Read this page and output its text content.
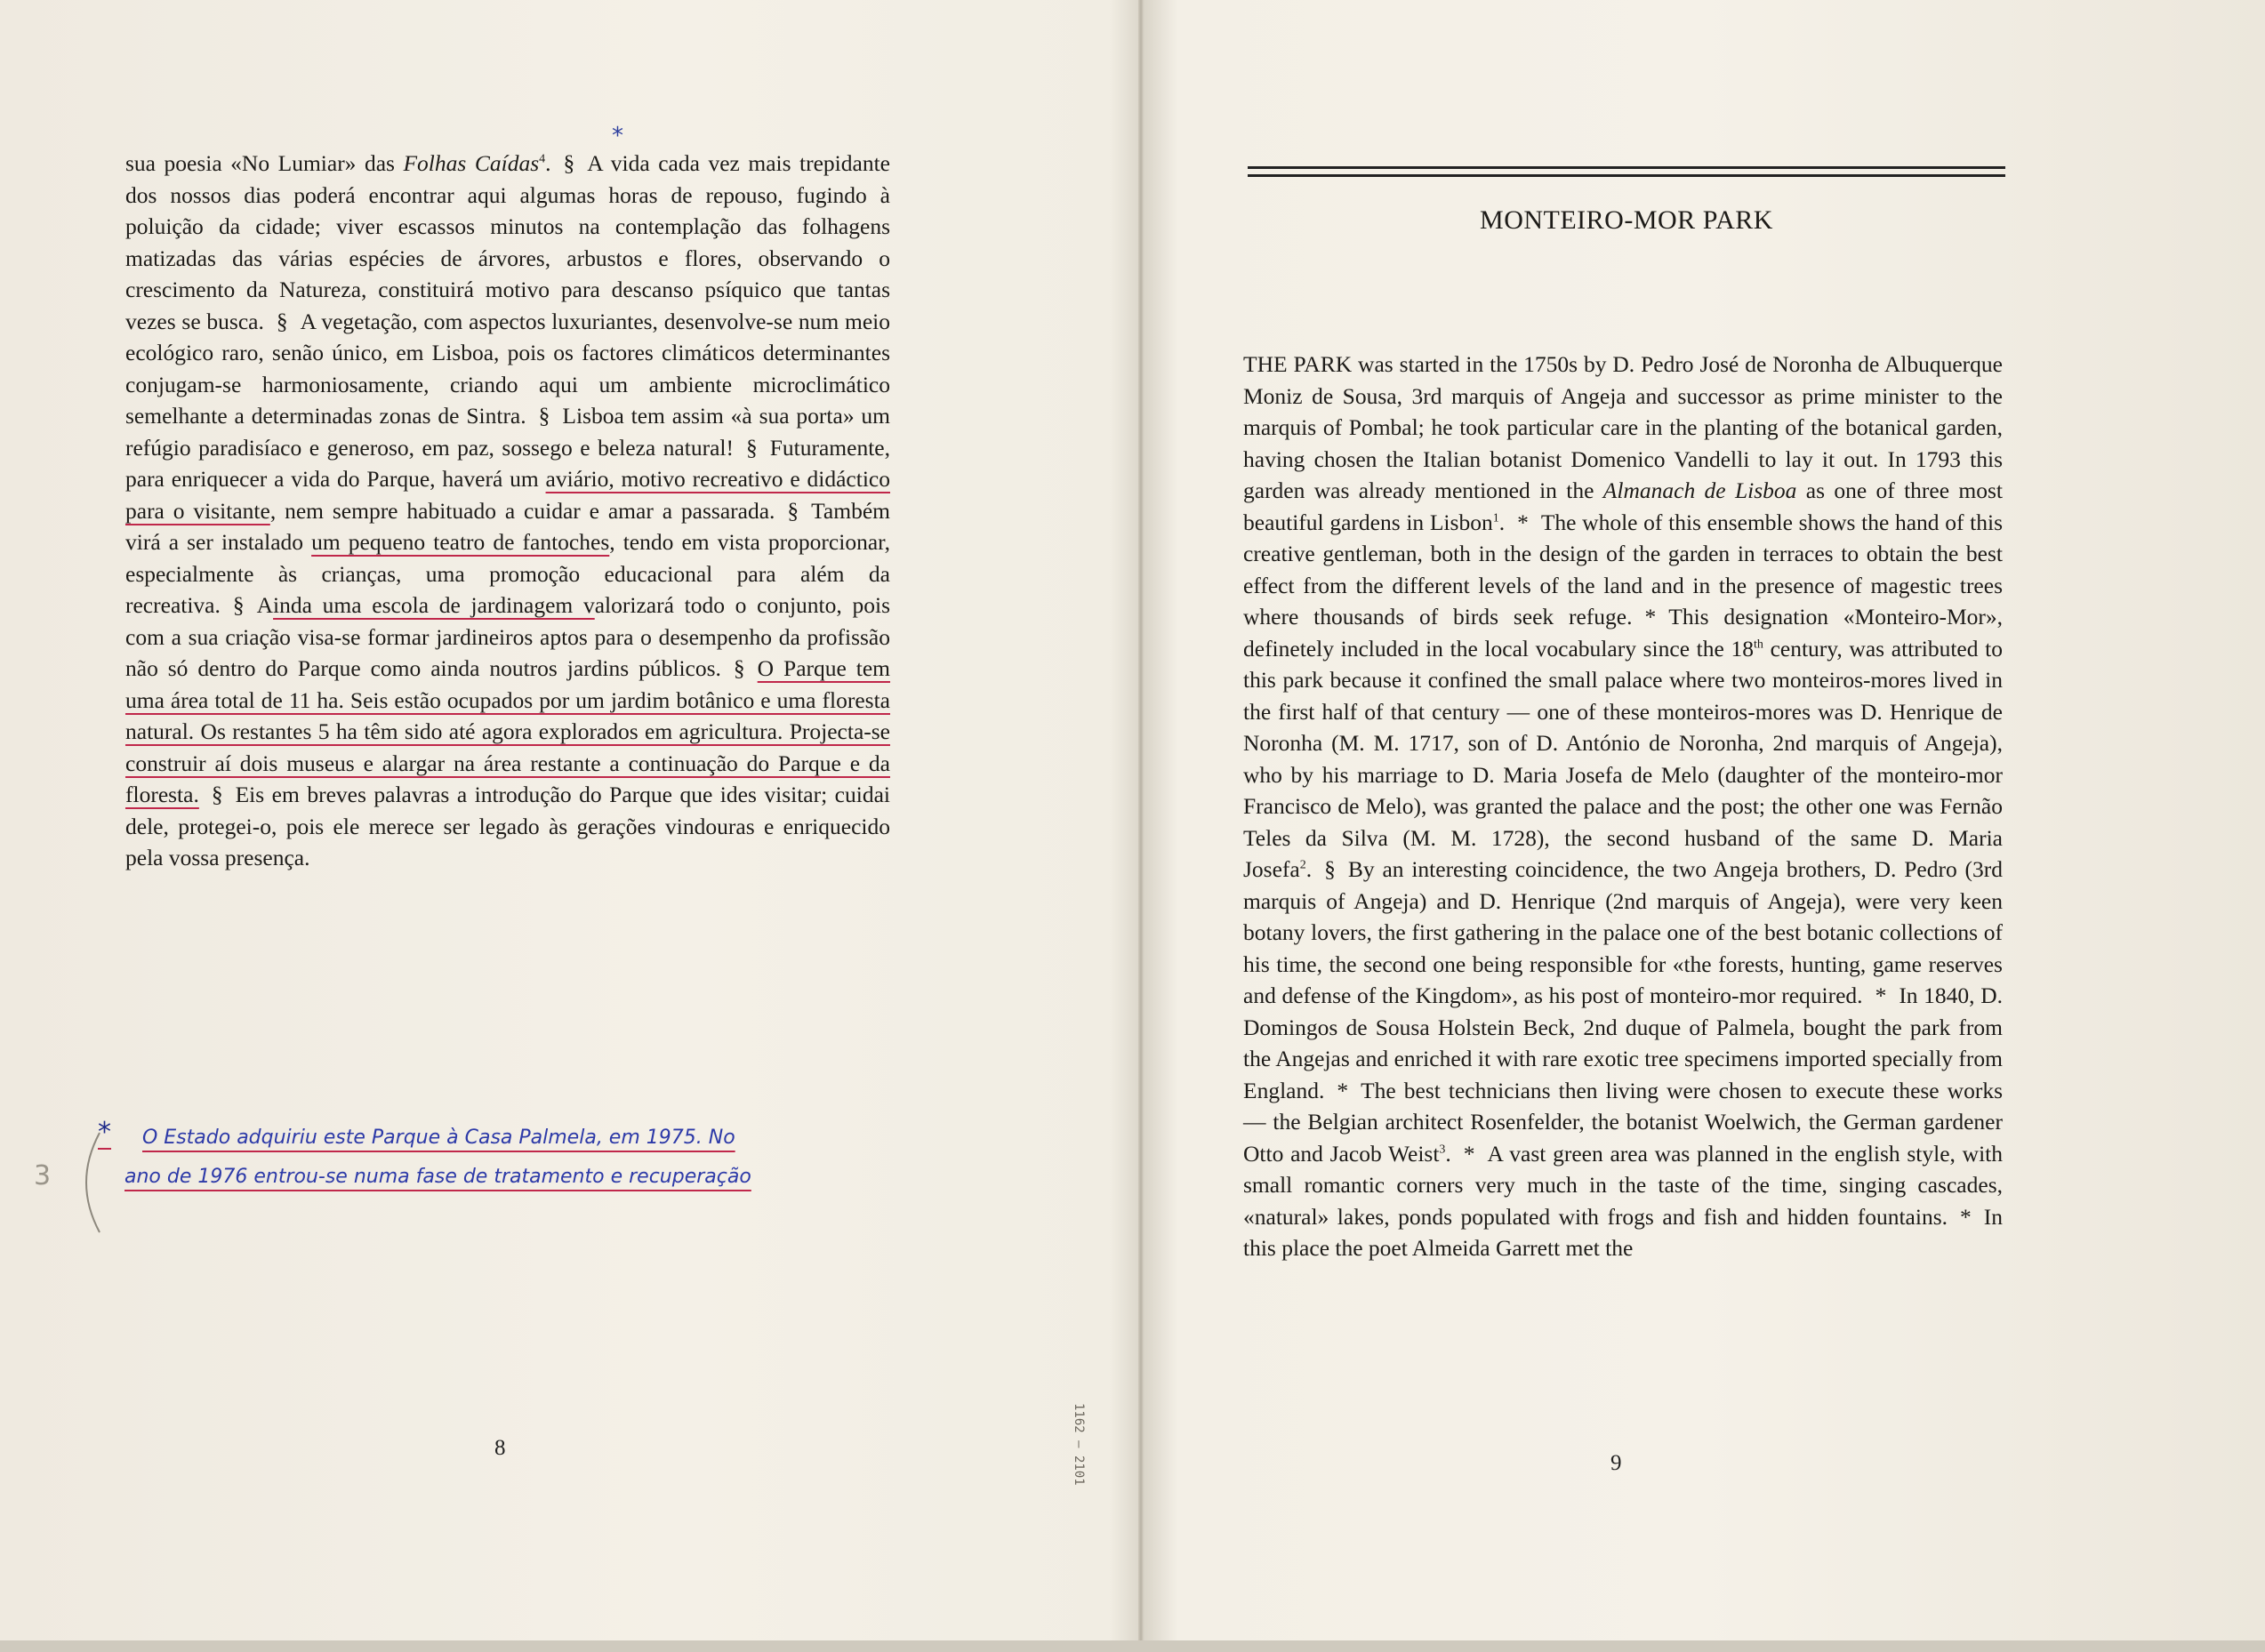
*

sua poesia «No Lumiar» das Folhas Caídas$^4$. § A vida cada vez mais trepidante dos nossos dias poderá encontrar aqui algumas horas de repouso, fugindo à poluição da cidade; viver escassos minutos na contemplação das folhagens matizadas das várias espécies de árvores, arbustos e flores, observando o crescimento da Natureza, constituirá motivo para descanso psíquico que tantas vezes se busca. § A vegetação, com aspectos luxuriantes, desenvolve-se num meio ecológico raro, senão único, em Lisboa, pois os factores climáticos determinantes conjugam-se harmoniosamente, criando aqui um ambiente microclimático semelhante a determinadas zonas de Sintra. § Lisboa tem assim «à sua porta» um refúgio paradisíaco e generoso, em paz, sossego e beleza natural! § Futuramente, para enriquecer a vida do Parque, haverá um aviário, motivo recreativo e didáctico para o visitante, nem sempre habituado a cuidar e amar a passarada. § Também virá a ser instalado um pequeno teatro de fantoches, tendo em vista proporcionar, especialmente às crianças, uma promoção educacional para além da recreativa. § Ainda uma escola de jardinagem valorizará todo o conjunto, pois com a sua criação visa-se formar jardineiros aptos para o desempenho da profissão não só dentro do Parque como ainda noutros jardins públicos. § O Parque tem uma área total de 11 ha. Seis estão ocupados por um jardim botânico e uma floresta natural. Os restantes 5 ha têm sido até agora explorados em agricultura. Projecta-se construir aí dois museus e alargar na área restante a continuação do Parque e da floresta. § Eis em breves palavras a introdução do Parque que ides visitar; cuidai dele, protegei-o, pois ele merece ser legado às gerações vindouras e enriquecido pela vossa presença.

3
*	O Estado adquiriu este Parque à Casa Palmela, em 1975. No
ano de 1976 entrou-se numa fase de tratamento e recuperação
8	1162 – 2101
MONTEIRO-MOR PARK

THE PARK was started in the 1750s by D. Pedro José de Noronha de Albuquerque Moniz de Sousa, 3rd marquis of Angeja and successor as prime minister to the marquis of Pombal; he took particular care in the planting of the botanical garden, having chosen the Italian botanist Domenico Vandelli to lay it out. In 1793 this garden was already mentioned in the Almanach de Lisboa as one of three most beautiful gardens in Lisbon$^1$. * The whole of this ensemble shows the hand of this creative gentleman, both in the design of the garden in terraces to obtain the best effect from the different levels of the land and in the presence of magestic trees where thousands of birds seek refuge. * This designation «Monteiro-Mor», definetely included in the local vocabulary since the 18th century, was attributed to this park because it confined the small palace where two monteiros-mores lived in the first half of that century — one of these monteiros-mores was D. Henrique de Noronha (M. M. 1717, son of D. António de Noronha, 2nd marquis of Angeja), who by his marriage to D. Maria Josefa de Melo (daughter of the monteiro-mor Francisco de Melo), was granted the palace and the post; the other one was Fernão Teles da Silva (M. M. 1728), the second husband of the same D. Maria Josefa$^2$. § By an interesting coincidence, the two Angeja brothers, D. Pedro (3rd marquis of Angeja) and D. Henrique (2nd marquis of Angeja), were very keen botany lovers, the first gathering in the palace one of the best botanic collections of his time, the second one being responsible for «the forests, hunting, game reserves and defense of the Kingdom», as his post of monteiro-mor required. * In 1840, D. Domingos de Sousa Holstein Beck, 2nd duque of Palmela, bought the park from the Angejas and enriched it with rare exotic tree specimens imported specially from England. * The best technicians then living were chosen to execute these works — the Belgian architect Rosenfelder, the botanist Woelwich, the German gardener Otto and Jacob Weist$^3$. * A vast green area was planned in the english style, with small romantic corners very much in the taste of the time, singing cascades, «natural» lakes, ponds populated with frogs and fish and hidden fountains. * In this place the poet Almeida Garrett met the

9
